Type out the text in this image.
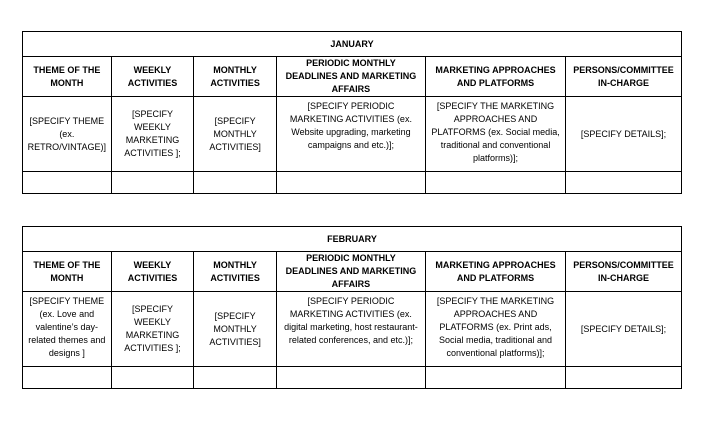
JANUARY					
THEME OF THE MONTH	WEEKLY ACTIVITIES	MONTHLY ACTIVITIES	PERIODIC MONTHLY DEADLINES AND MARKETING AFFAIRS	MARKETING APPROACHES AND PLATFORMS	PERSONS/COMMITTEE IN-CHARGE
[SPECIFY THEME (ex. RETRO/VINTAGE)]	[SPECIFY WEEKLY MARKETING ACTIVITIES ];	[SPECIFY MONTHLY ACTIVITIES]	[SPECIFY PERIODIC MARKETING ACTIVITIES (ex. Website upgrading, marketing campaigns and etc.)];	[SPECIFY THE MARKETING APPROACHES AND PLATFORMS (ex. Social media, traditional and conventional platforms)];	[SPECIFY DETAILS];

FEBRUARY					
THEME OF THE MONTH	WEEKLY ACTIVITIES	MONTHLY ACTIVITIES	PERIODIC MONTHLY DEADLINES AND MARKETING AFFAIRS	MARKETING APPROACHES AND PLATFORMS	PERSONS/COMMITTEE IN-CHARGE
[SPECIFY THEME (ex. Love and valentine’s day-related themes and designs ]	[SPECIFY WEEKLY MARKETING ACTIVITIES ];	[SPECIFY MONTHLY ACTIVITIES]	[SPECIFY PERIODIC MARKETING ACTIVITIES (ex. digital marketing, host restaurant-related conferences, and etc.)];	[SPECIFY THE MARKETING APPROACHES AND PLATFORMS (ex. Print ads, Social media, traditional and conventional platforms)];	[SPECIFY DETAILS];
